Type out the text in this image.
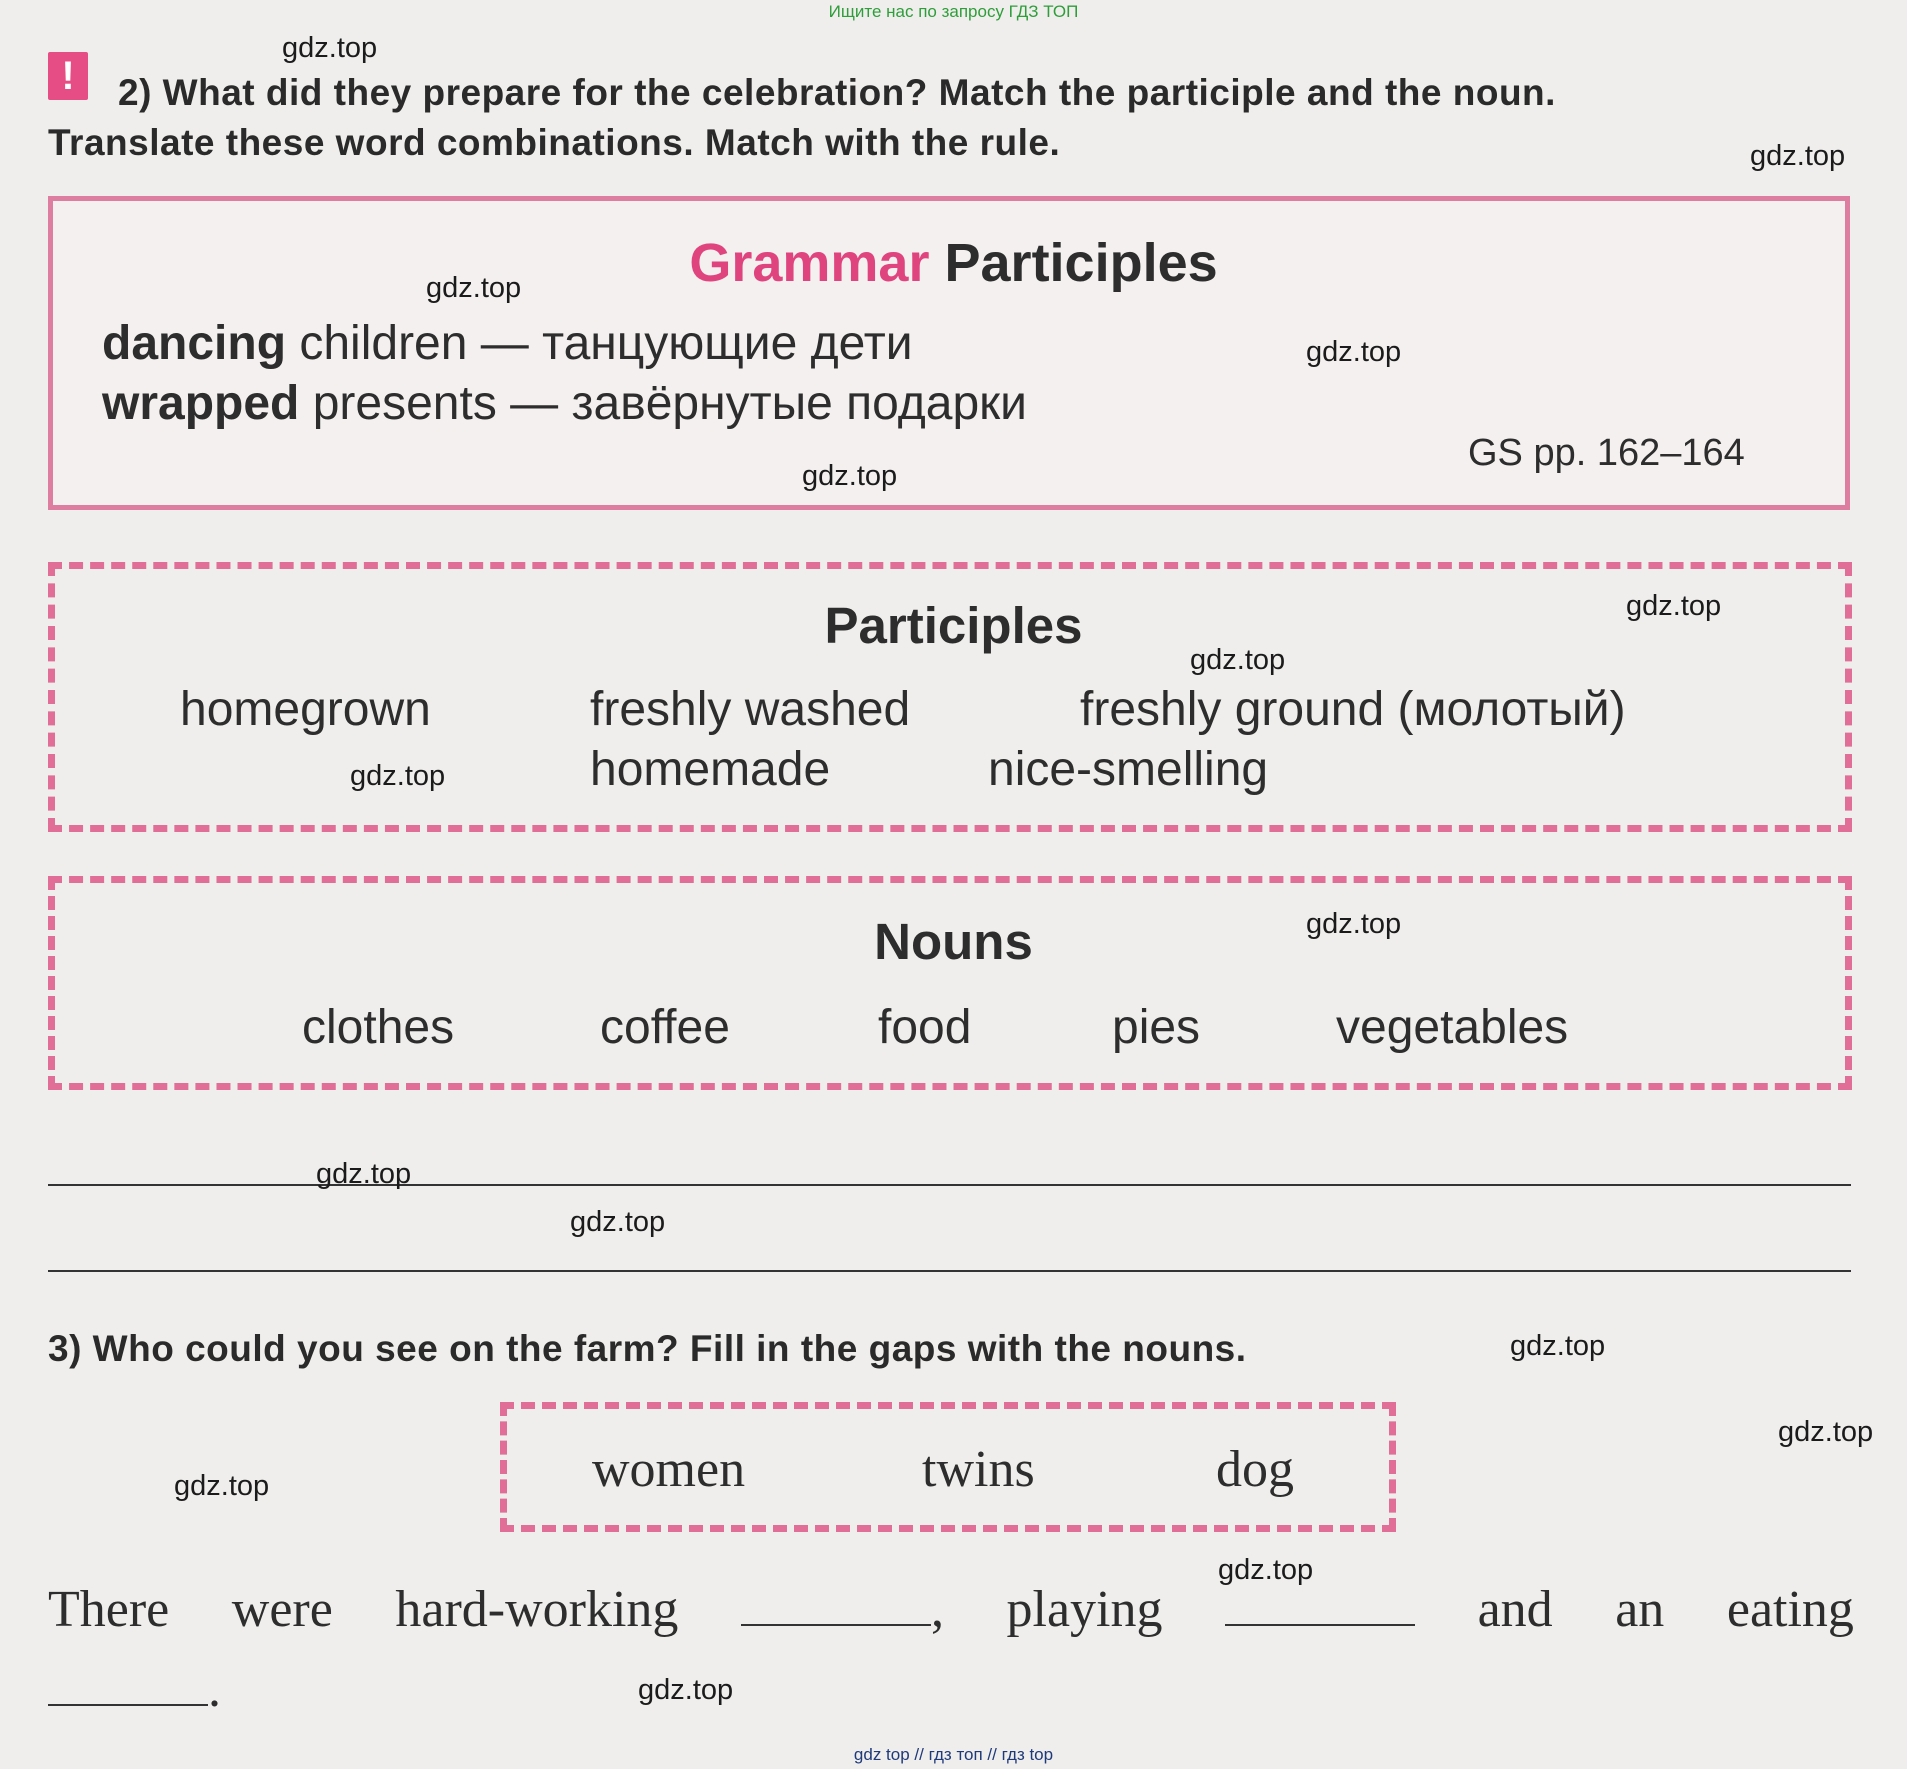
Ищите нас по запросу ГДЗ ТОП
!	2) What did they prepare for the celebration? Match the participle and the noun.
Translate these word combinations. Match with the rule.
Grammar Participles
dancing children — танцующие дети
wrapped presents — завёрнутые подарки
GS pp. 162–164
Participles
homegrown	freshly washed	freshly ground (молотый)
homemade	nice-smelling
Nouns
clothes	coffee	food	pies	vegetables
3) Who could you see on the farm? Fill in the gaps with the nouns.
women	twins	dog
There were hard-working	, playing	and an eating
.
gdz.top
gdz.top
gdz.top
gdz.top
gdz.top
gdz.top
gdz.top
gdz.top
gdz.top
gdz.top
gdz.top
gdz.top
gdz.top
gdz.top
gdz.top
gdz.top
gdz top // гдз топ // гдз top
